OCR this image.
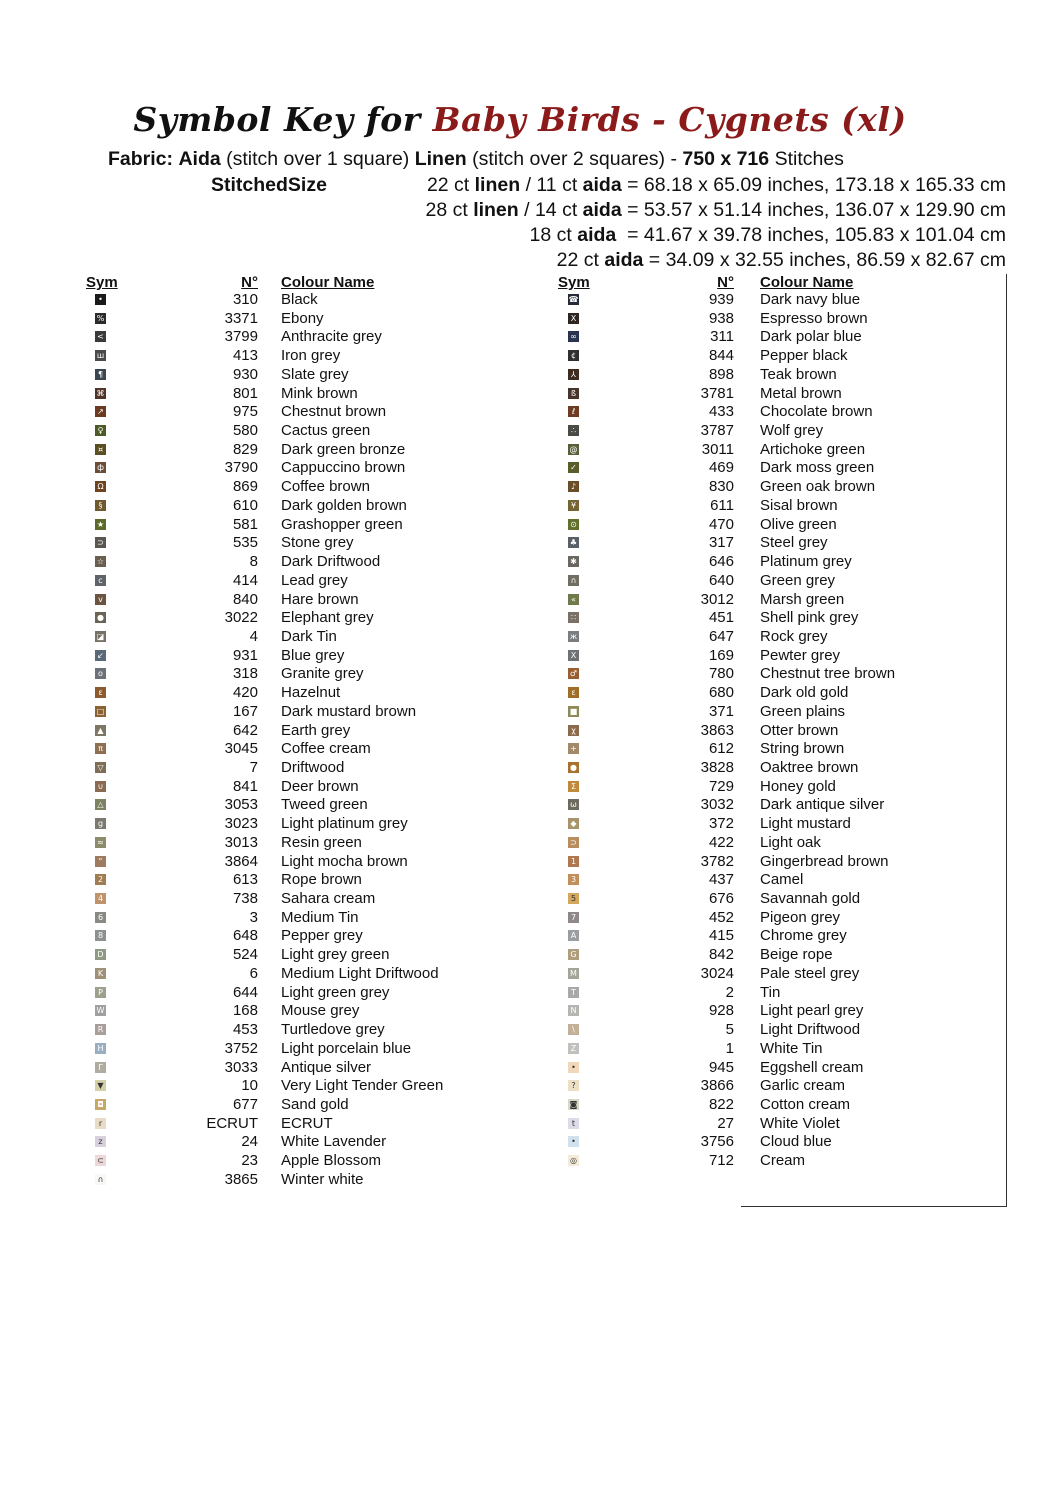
Symbol Key for Baby Birds - Cygnets (xl)
Fabric: Aida (stitch over 1 square) Linen (stitch over 2 squares) - 750 x 716 Stitches
StitchedSize	22 ct linen / 11 ct aida = 68.18 x 65.09 inches, 173.18 x 165.33 cm
28 ct linen / 14 ct aida = 53.57 x 51.14 inches, 136.07 x 129.90 cm
18 ct aida  = 41.67 x 39.78 inches, 105.83 x 101.04 cm
22 ct aida = 34.09 x 32.55 inches, 86.59 x 82.67 cm
Sym	N° Colour Name	Sym	N° Colour Name
•	310 Black
%	3371 Ebony
<	3799 Anthracite grey
ш	413 Iron grey
¶	930 Slate grey
⌘	801 Mink brown
↗	975 Chestnut brown
♀	580 Cactus green
¤	829 Dark green bronze
ф	3790 Cappuccino brown
Ω	869 Coffee brown
§	610 Dark golden brown
★	581 Grashopper green
⊃	535 Stone grey
☆	8 Dark Driftwood
c	414 Lead grey
v	840 Hare brown
●	3022 Elephant grey
◪	4 Dark Tin
↙	931 Blue grey
o	318 Granite grey
ε	420 Hazelnut
□	167 Dark mustard brown
▲	642 Earth grey
π	3045 Coffee cream
▽	7 Driftwood
∪	841 Deer brown
△	3053 Tweed green
g	3023 Light platinum grey
≈	3013 Resin green
"	3864 Light mocha brown
2	613 Rope brown
4	738 Sahara cream
6	3 Medium Tin
8	648 Pepper grey
D	524 Light grey green
K	6 Medium Light Driftwood
P	644 Light green grey
W	168 Mouse grey
R	453 Turtledove grey
H	3752 Light porcelain blue
Γ	3033 Antique silver
▼	10 Very Light Tender Green
◘	677 Sand gold
r	ECRUT ECRUT
z	24 White Lavender
⊂	23 Apple Blossom
∩	3865 Winter white
☎	939 Dark navy blue
X	938 Espresso brown
∞	311 Dark polar blue
¢	844 Pepper black
⅄	898 Teak brown
ß	3781 Metal brown
ℓ	433 Chocolate brown
∴	3787 Wolf grey
@	3011 Artichoke green
✓	469 Dark moss green
♪	830 Green oak brown
¥	611 Sisal brown
⊙	470 Olive green
♣	317 Steel grey
✱	646 Platinum grey
∩	640 Green grey
«	3012 Marsh green
∷	451 Shell pink grey
ж	647 Rock grey
X	169 Pewter grey
♂	780 Chestnut tree brown
ε	680 Dark old gold
■	371 Green plains
χ	3863 Otter brown
+	612 String brown
●	3828 Oaktree brown
Σ	729 Honey gold
ω	3032 Dark antique silver
◆	372 Light mustard
⊃	422 Light oak
1	3782 Gingerbread brown
3	437 Camel
5	676 Savannah gold
7	452 Pigeon grey
A	415 Chrome grey
G	842 Beige rope
M	3024 Pale steel grey
T	2 Tin
N	928 Light pearl grey
\	5 Light Driftwood
Z	1 White Tin
•	945 Eggshell cream
?	3866 Garlic cream
◙	822 Cotton cream
t	27 White Violet
•	3756 Cloud blue
◎	712 Cream
